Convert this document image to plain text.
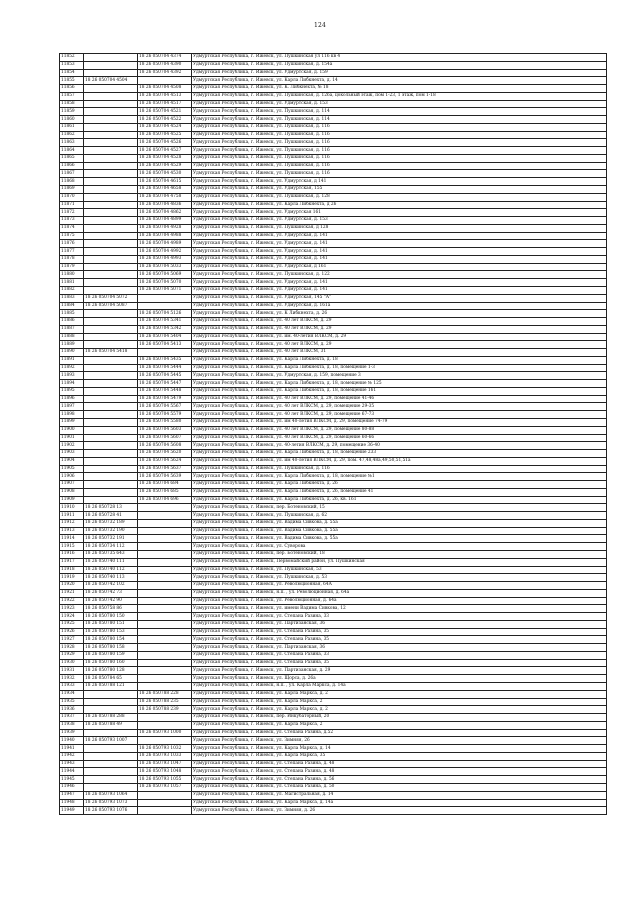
124
11852		18 26 050704 4374	Удмуртская Республика, г. Ижевск, ул. Пушкинская ул 116 кв 4
11853		18 26 050704 4390	Удмуртская Республика, г. Ижевск, ул. Пушкинская, д. 154а
11854		18 26 050704 4392	Удмуртская Республика, г. Ижевск, ул. Удмуртская, д. 159
11855	18 26 050704 4504		Удмуртская Республика, г. Ижевск, ул. Карла Либкнехта, д. 14
11856		18 26 050704 4508	Удмуртская Республика, г. Ижевск, ул. К. Либкнехта, № 18
11857		18 26 050704 4513	Удмуртская Республика, г. Ижевск, ул. Пушкинская, д. 126а, цокольный этаж, пом 1-23, 1 этаж, пом 1-18
11858		18 26 050704 4517	Удмуртская Республика, г. Ижевск, ул. Удмуртская, д. 153
11859		18 26 050704 4521	Удмуртская Республика, г. Ижевск, ул. Пушкинская, д. 114
11860		18 26 050704 4522	Удмуртская Республика, г. Ижевск, ул. Пушкинская, д. 114
11861		18 26 050704 4524	Удмуртская Республика, г. Ижевск, ул. Пушкинская, д. 116
11862		18 26 050704 4525	Удмуртская Республика, г. Ижевск, ул. Пушкинская, д. 116
11863		18 26 050704 4526	Удмуртская Республика, г. Ижевск, ул. Пушкинская, д. 116
11864		18 26 050704 4527	Удмуртская Республика, г. Ижевск, ул. Пушкинская, д. 116
11865		18 26 050704 4528	Удмуртская Республика, г. Ижевск, ул. Пушкинская, д. 116
11866		18 26 050704 4529	Удмуртская Республика, г. Ижевск, ул. Пушкинская, д. 116
11867		18 26 050704 4530	Удмуртская Республика, г. Ижевск, ул. Пушкинская, д. 116
11868		18 26 050704 4615	Удмуртская Республика, г. Ижевск, ул. Удмуртская, д 141
11869		18 26 050704 4658	Удмуртская Республика, г. Ижевск, ул. Удмуртская, 155
11870		18 26 050704 4758	Удмуртская Республика, г. Ижевск, ул. Пушкинская, д. 128
11871		18 26 050704 4836	Удмуртская Республика, г. Ижевск, ул. Карла Либкнехта, д 26
11872		18 26 050704 4862	Удмуртская Республика, г. Ижевск, ул. Удмуртская 161
11873		18 26 050704 4899	Удмуртская Республика, г. Ижевск, ул. Удмуртская, д. 153
11874		18 26 050704 4928	Удмуртская Республика, г. Ижевск, ул. Пушкинская, д 128
11875		18 26 050704 4988	Удмуртская Республика, г. Ижевск, ул. Удмуртская, д. 141
11876		18 26 050704 4989	Удмуртская Республика, г. Ижевск, ул. Удмуртская, д. 141
11877		18 26 050704 4992	Удмуртская Республика, г. Ижевск, ул. Удмуртская, д. 141
11878		18 26 050704 4993	Удмуртская Республика, г. Ижевск, ул. Удмуртская, д. 141
11879		18 26 050704 5033	Удмуртская Республика, г. Ижевск, ул. Удмуртская, д 161
11880		18 26 050704 5069	Удмуртская Республика, г. Ижевск, ул. Пушкинская, д. 122
11881		18 26 050704 5070	Удмуртская Республика, г. Ижевск, ул. Удмуртская, д. 141
11882		18 26 050704 5071	Удмуртская Республика, г. Ижевск, ул. Удмуртская, д. 141
11883	18 26 050704 5072		Удмуртская Республика, г. Ижевск, ул. Удмуртская, 145 "А"
11884	18 26 050704 5087		Удмуртская Республика, г. Ижевск, ул. Удмуртская, д. 161а
11885		18 26 050704 5126	Удмуртская Республика, г. Ижевск, ул. К Либкнехта, д. 26
11886		18 26 050704 5341	Удмуртская Республика, г. Ижевск, ул. 40 лет ВЛКСМ, д. 29
11887		18 26 050704 5342	Удмуртская Республика, г. Ижевск, ул. 40 лет ВЛКСМ, д. 29
11888		18 26 050704 5404	Удмуртская Республика, г. Ижевск, ул. им. 40-летия ВЛКСМ, д. 29
11889		18 26 050704 5413	Удмуртская Республика, г. Ижевск, ул. 40 лет ВЛКСМ, д. 29
11890	18 26 050704 5418		Удмуртская Республика, г. Ижевск, ул. 40 лет ВЛКСМ, 31
11891		18 26 050704 5435	Удмуртская Республика, г. Ижевск, ул. Карла Либкнехта, д. 18
11892		18 26 050704 5444	Удмуртская Республика, г. Ижевск, ул. Карла Либкнехта, д. 18, помещение 1-3
11893		18 26 050704 5445	Удмуртская Республика, г. Ижевск, ул. Удмуртская, д. 159, помещение 3
11894		18 26 050704 5447	Удмуртская Республика, г. Ижевск, ул. Карла Либкнехта, д. 18, помещение № 125
11895		18 26 050704 5448	Удмуртская Республика, г. Ижевск, ул. Карла Либкнехта, д. 18, помещение 161
11896		18 26 050704 5479	Удмуртская Республика, г. Ижевск, ул. 40 лет ВЛКСМ, д. 29, помещение 41-46
11897		18 26 050704 5567	Удмуртская Республика, г. Ижевск, ул. 40 лет ВЛКСМ, д. 29, помещение 29-35
11898		18 26 050704 5579	Удмуртская Республика, г. Ижевск, ул. 40 лет ВЛКСМ, д. 29, помещение 67-73
11899		18 26 050704 5580	Удмуртская Республика, г. Ижевск, ул. им 40-летия ВЛКСМ, д. 29, помещение 74-79
11900		18 26 050704 5603	Удмуртская Республика, г. Ижевск, ул. 40 лет ВЛКСМ, д. 29, помещение 80-88
11901		18 26 050704 5607	Удмуртская Республика, г. Ижевск, ул. 40 лет ВЛКСМ, д. 29, помещение 60-66
11902		18 26 050704 5608	Удмуртская Республика, г. Ижевск, ул. 40-летия ВЛКСМ, д. 29, помещение 36-40
11903		18 26 050704 5620	Удмуртская Республика, г. Ижевск, ул. Карла Либкнехта, д. 18, помещение 233
11904		18 26 050704 5624	Удмуртская Республика, г. Ижевск, ул. им 40-летия ВЛКСМ, д. 29, пом. 47,48,48а,49,50,51,51а
11905		18 26 050704 5637	Удмуртская Республика, г. Ижевск, ул. Пушкинская, д. 116
11906		18 26 050704 5639	Удмуртская Республика, г. Ижевск, ул. Карла Либкнехта, д. 18, помещение №1
11907		18 26 050704 684	Удмуртская Республика, г. Ижевск, ул. Карла Либкнехта, д. 26
11908		18 26 050704 685	Удмуртская Республика, г. Ижевск, ул. Карла Либкнехта, д. 26, помещение 41
11909		18 26 050704 696	Удмуртская Республика, г. Ижевск, ул. Карла Либкнехта, д. 26, кв. 161
11910	18 26 050728 13		Удмуртская Республика, г. Ижевск, пер. Ботеновский, 15
11911	18 26 050728 41		Удмуртская Республика, г. Ижевск, ул. Пушкинская, д. 62
11912	18 26 050732 189		Удмуртская Республика, г. Ижевск, ул. Вадима Сивкова, д. 55а
11913	18 26 050732 190		Удмуртская Республика, г. Ижевск, ул. Вадима Сивкова, д. 55а
11914	18 26 050732 191		Удмуртская Республика, г. Ижевск, ул. Вадима Сивкова, д. 55а
11915	18 26 050734 112		Удмуртская Республика, г. Ижевск, ул. Суворова
11916	18 26 050735 643		Удмуртская Республика, г. Ижевск, пер. Ботеновский, 18
11917	18 26 050740 111		Удмуртская Республика, г. Ижевск, Первомайский район, ул. Пушкинская
11918	18 26 050740 112		Удмуртская Республика, г. Ижевск, ул. Пушкинская, 53
11919	18 26 050740 113		Удмуртская Республика, г. Ижевск, ул. Пушкинская, д. 53
11920	18 26 050742 102		Удмуртская Республика, г. Ижевск, ул. Революционная, 64А
11921	18 26 050742 73		Удмуртская Республика, г. Ижевск, н.п. , ул. Революционная, д. 64а
11922	18 26 050742 90		Удмуртская Республика, г. Ижевск, ул. Революционная, д. 64а
11923	18 26 050758 86		Удмуртская Республика, г. Ижевск, ул. имени Вадима Сивкова, 12
11924	18 26 050780 150		Удмуртская Республика, г. Ижевск, ул. Степана Разина, 33
11925	18 26 050780 151		Удмуртская Республика, г. Ижевск, ул. Партизанская, 36
11926	18 26 050780 153		Удмуртская Республика, г. Ижевск, ул. Степана Разина, 35
11927	18 26 050780 154		Удмуртская Республика, г. Ижевск, ул. Степана Разина, 35
11928	18 26 050780 158		Удмуртская Республика, г. Ижевск, ул. Партизанская, 36
11929	18 26 050780 159		Удмуртская Республика, г. Ижевск, ул. Степана Разина, 33
11930	18 26 050780 160		Удмуртская Республика, г. Ижевск, ул. Степана Разина, 35
11931	18 26 050780 128		Удмуртская Республика, г. Ижевск, ул. Партизанская, д. 29
11932	18 26 050784 65		Удмуртская Республика, г. Ижевск, ул. Щорса, д. 26а
11933	18 26 050788 121		Удмуртская Республика, г. Ижевск, н.п. , ул. Карла Маркса, д. 14а
11934		18 26 050788 228	Удмуртская Республика, г. Ижевск, ул. Карла Маркса, д. 2
11935		18 26 050788 235	Удмуртская Республика, г. Ижевск, ул. Карла Маркса, 2
11936		18 26 050788 239	Удмуртская Республика, г. Ижевск, ул. Карла Маркса, д. 2
11937	18 26 050788 288		Удмуртская Республика, г. Ижевск, пер. Инкубаторный, 20
11938	18 26 050788 49		Удмуртская Республика, г. Ижевск, ул. Карла Маркса, 2
11939		18 26 050793 1000	Удмуртская Республика, г. Ижевск, ул. Степана Разина, д.52
11940	18 26 050793 1007		Удмуртская Республика, г. Ижевск, ул. Зимняя, 26
11941		18 26 050793 1032	Удмуртская Республика, г. Ижевск, ул. Карла Маркса, д. 14
11942		18 26 050793 1033	Удмуртская Республика, г. Ижевск, ул. Карла Маркса, 35
11943		18 26 050793 1047	Удмуртская Республика, г. Ижевск, ул. Степана Разина, д. 48
11944		18 26 050793 1048	Удмуртская Республика, г. Ижевск, ул. Степана Разина, д. 48
11945		18 26 050793 1055	Удмуртская Республика, г. Ижевск, ул. Степана Разина, д. 56
11946		18 26 050793 1057	Удмуртская Республика, г. Ижевск, ул. Степана Разина, д. 50
11947	18 26 050793 1064		Удмуртская Республика, г. Ижевск, ул. Магистральная, д. 14
11948	18 26 050793 1073		Удмуртская Республика, г. Ижевск, ул. Карла Маркса, д. 14а
11949	18 26 050793 1076		Удмуртская Республика, г. Ижевск, ул. Зимняя, д. 26
